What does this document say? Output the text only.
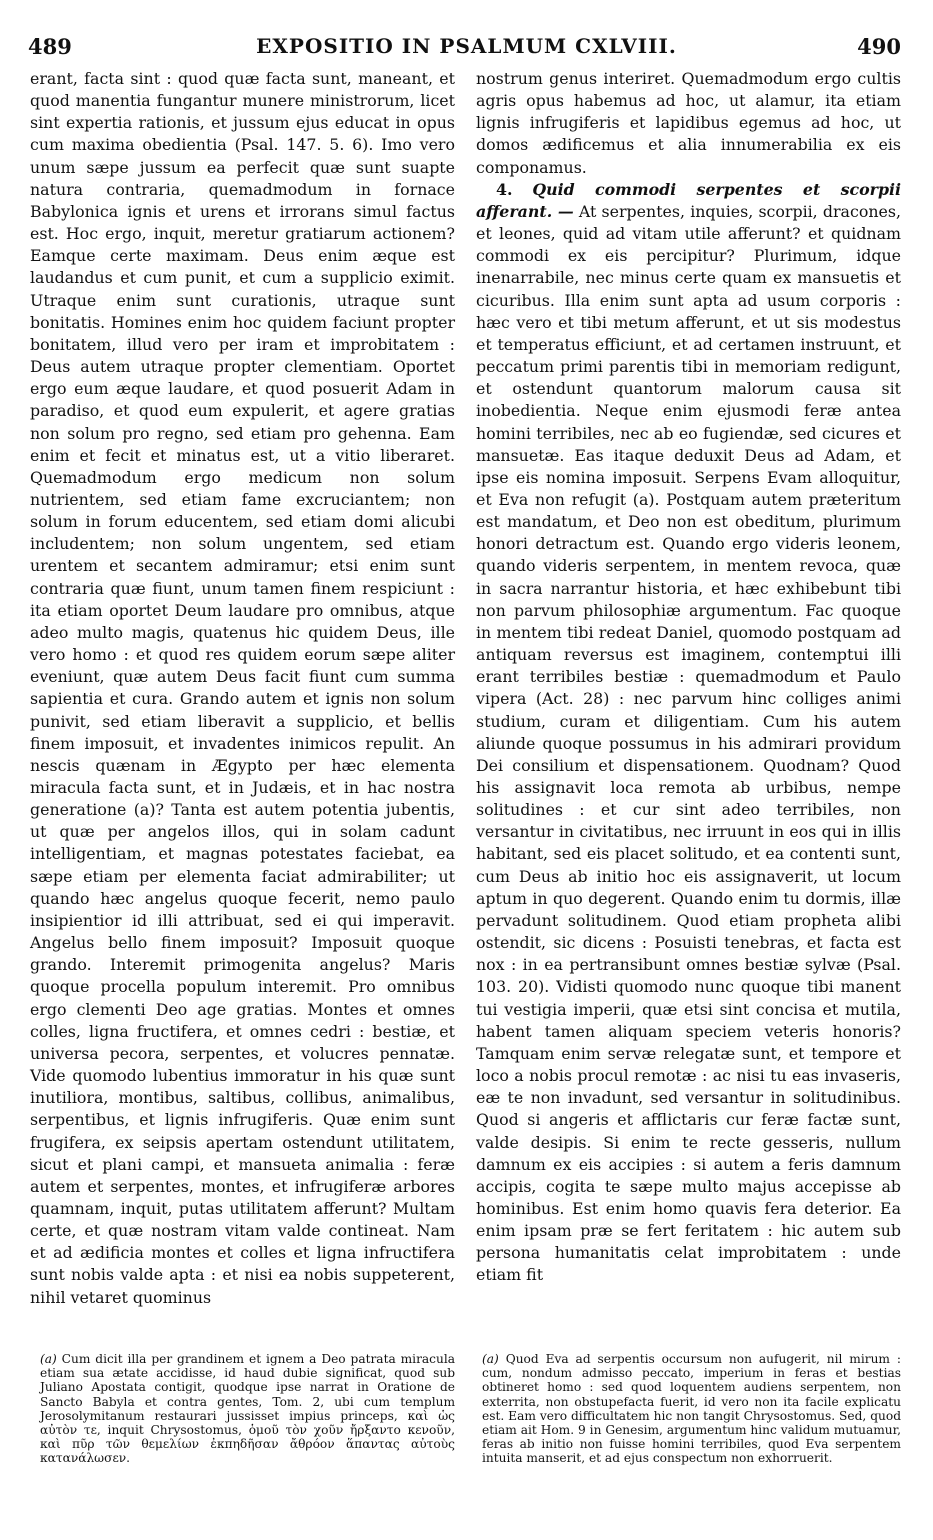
489	EXPOSITIO IN PSALMUM CXLVIII.	490

erant, facta sint : quod quæ facta sunt, maneant, et quod manentia fungantur munere ministrorum, licet sint expertia rationis, et jussum ejus educat in opus cum maxima obedientia (Psal. 147. 5. 6). Imo vero unum sæpe jussum ea perfecit quæ sunt suapte natura contraria, quemadmodum in fornace Babylonica ignis et urens et irrorans simul factus est. Hoc ergo, inquit, meretur gratiarum actionem? Eamque certe maximam. Deus enim æque est laudandus et cum punit, et cum a supplicio eximit. Utraque enim sunt curationis, utraque sunt bonitatis. Homines enim hoc quidem faciunt propter bonitatem, illud vero per iram et improbitatem : Deus autem utraque propter clementiam. Oportet ergo eum æque laudare, et quod posuerit Adam in paradiso, et quod eum expulerit, et agere gratias non solum pro regno, sed etiam pro gehenna. Eam enim et fecit et minatus est, ut a vitio liberaret. Quemadmodum ergo medicum non solum nutrientem, sed etiam fame excruciantem; non solum in forum educentem, sed etiam domi alicubi includentem; non solum ungentem, sed etiam urentem et secantem admiramur; etsi enim sunt contraria quæ fiunt, unum tamen finem respiciunt : ita etiam oportet Deum laudare pro omnibus, atque adeo multo magis, quatenus hic quidem Deus, ille vero homo : et quod res quidem eorum sæpe aliter eveniunt, quæ autem Deus facit fiunt cum summa sapientia et cura. Grando autem et ignis non solum punivit, sed etiam liberavit a supplicio, et bellis finem imposuit, et invadentes inimicos repulit. An nescis quænam in Ægypto per hæc elementa miracula facta sunt, et in Judæis, et in hac nostra generatione (a)? Tanta est autem potentia jubentis, ut quæ per angelos illos, qui in solam cadunt intelligentiam, et magnas potestates faciebat, ea sæpe etiam per elementa faciat admirabiliter; ut quando hæc angelus quoque fecerit, nemo paulo insipientior id illi attribuat, sed ei qui imperavit. Angelus bello finem imposuit? Imposuit quoque grando. Interemit primogenita angelus? Maris quoque procella populum interemit. Pro omnibus ergo clementi Deo age gratias. Montes et omnes colles, ligna fructifera, et omnes cedri : bestiæ, et universa pecora, serpentes, et volucres pennatæ. Vide quomodo lubentius immoratur in his quæ sunt inutiliora, montibus, saltibus, collibus, animalibus, serpentibus, et lignis infrugiferis. Quæ enim sunt frugifera, ex seipsis apertam ostendunt utilitatem, sicut et plani campi, et mansueta animalia : feræ autem et serpentes, montes, et infrugiferæ arbores quamnam, inquit, putas utilitatem afferunt? Multam certe, et quæ nostram vitam valde contineat. Nam et ad ædificia montes et colles et ligna infructifera sunt nobis valde apta : et nisi ea nobis suppeterent, nihil vetaret quominus

nostrum genus interiret. Quemadmodum ergo cultis agris opus habemus ad hoc, ut alamur, ita etiam lignis infrugiferis et lapidibus egemus ad hoc, ut domos ædificemus et alia innumerabilia ex eis componamus.

4. Quid commodi serpentes et scorpii afferant. — At serpentes, inquies, scorpii, dracones, et leones, quid ad vitam utile afferunt? et quidnam commodi ex eis percipitur? Plurimum, idque inenarrabile, nec minus certe quam ex mansuetis et cicuribus. Illa enim sunt apta ad usum corporis : hæc vero et tibi metum afferunt, et ut sis modestus et temperatus efficiunt, et ad certamen instruunt, et peccatum primi parentis tibi in memoriam redigunt, et ostendunt quantorum malorum causa sit inobedientia. Neque enim ejusmodi feræ antea homini terribiles, nec ab eo fugiendæ, sed cicures et mansuetæ. Eas itaque deduxit Deus ad Adam, et ipse eis nomina imposuit. Serpens Evam alloquitur, et Eva non refugit (a). Postquam autem præteritum est mandatum, et Deo non est obeditum, plurimum honori detractum est. Quando ergo videris leonem, quando videris serpentem, in mentem revoca, quæ in sacra narrantur historia, et hæc exhibebunt tibi non parvum philosophiæ argumentum. Fac quoque in mentem tibi redeat Daniel, quomodo postquam ad antiquam reversus est imaginem, contemptui illi erant terribiles bestiæ : quemadmodum et Paulo vipera (Act. 28) : nec parvum hinc colliges animi studium, curam et diligentiam. Cum his autem aliunde quoque possumus in his admirari providum Dei consilium et dispensationem. Quodnam? Quod his assignavit loca remota ab urbibus, nempe solitudines : et cur sint adeo terribiles, non versantur in civitatibus, nec irruunt in eos qui in illis habitant, sed eis placet solitudo, et ea contenti sunt, cum Deus ab initio hoc eis assignaverit, ut locum aptum in quo degerent. Quando enim tu dormis, illæ pervadunt solitudinem. Quod etiam propheta alibi ostendit, sic dicens : Posuisti tenebras, et facta est nox : in ea pertransibunt omnes bestiæ sylvæ (Psal. 103. 20). Vidisti quomodo nunc quoque tibi manent tui vestigia imperii, quæ etsi sint concisa et mutila, habent tamen aliquam speciem veteris honoris? Tamquam enim servæ relegatæ sunt, et tempore et loco a nobis procul remotæ : ac nisi tu eas invaseris, eæ te non invadunt, sed versantur in solitudinibus. Quod si angeris et afflictaris cur feræ factæ sunt, valde desipis. Si enim te recte gesseris, nullum damnum ex eis accipies : si autem a feris damnum accipis, cogita te sæpe multo majus accepisse ab hominibus. Est enim homo quavis fera deterior. Ea enim ipsam præ se fert feritatem : hic autem sub persona humanitatis celat improbitatem : unde etiam fit

(a) Cum dicit illa per grandinem et ignem a Deo patrata miracula etiam sua ætate accidisse, id haud dubie significat, quod sub Juliano Apostata contigit, quodque ipse narrat in Oratione de Sancto Babyla et contra gentes, Tom. 2, ubi cum templum Jerosolymitanum restaurari jussisset impius princeps, καὶ ὡς αὐτὸν τε, inquit Chrysostomus, ὁμοῦ τὸν χοῦν ἤρξαντο κενοῦν, καὶ πῦρ τῶν θεμελίων ἐκπηδῆσαν ἄθρόον ἅπαντας αὐτοὺς κατανάλωσεν.
(a) Quod Eva ad serpentis occursum non aufugerit, nil mirum : cum, nondum admisso peccato, imperium in feras et bestias obtineret homo : sed quod loquentem audiens serpentem, non exterrita, non obstupefacta fuerit, id vero non ita facile explicatu est. Eam vero difficultatem hic non tangit Chrysostomus. Sed, quod etiam ait Hom. 9 in Genesim, argumentum hinc validum mutuamur, feras ab initio non fuisse homini terribiles, quod Eva serpentem intuita manserit, et ad ejus conspectum non exhorruerit.
